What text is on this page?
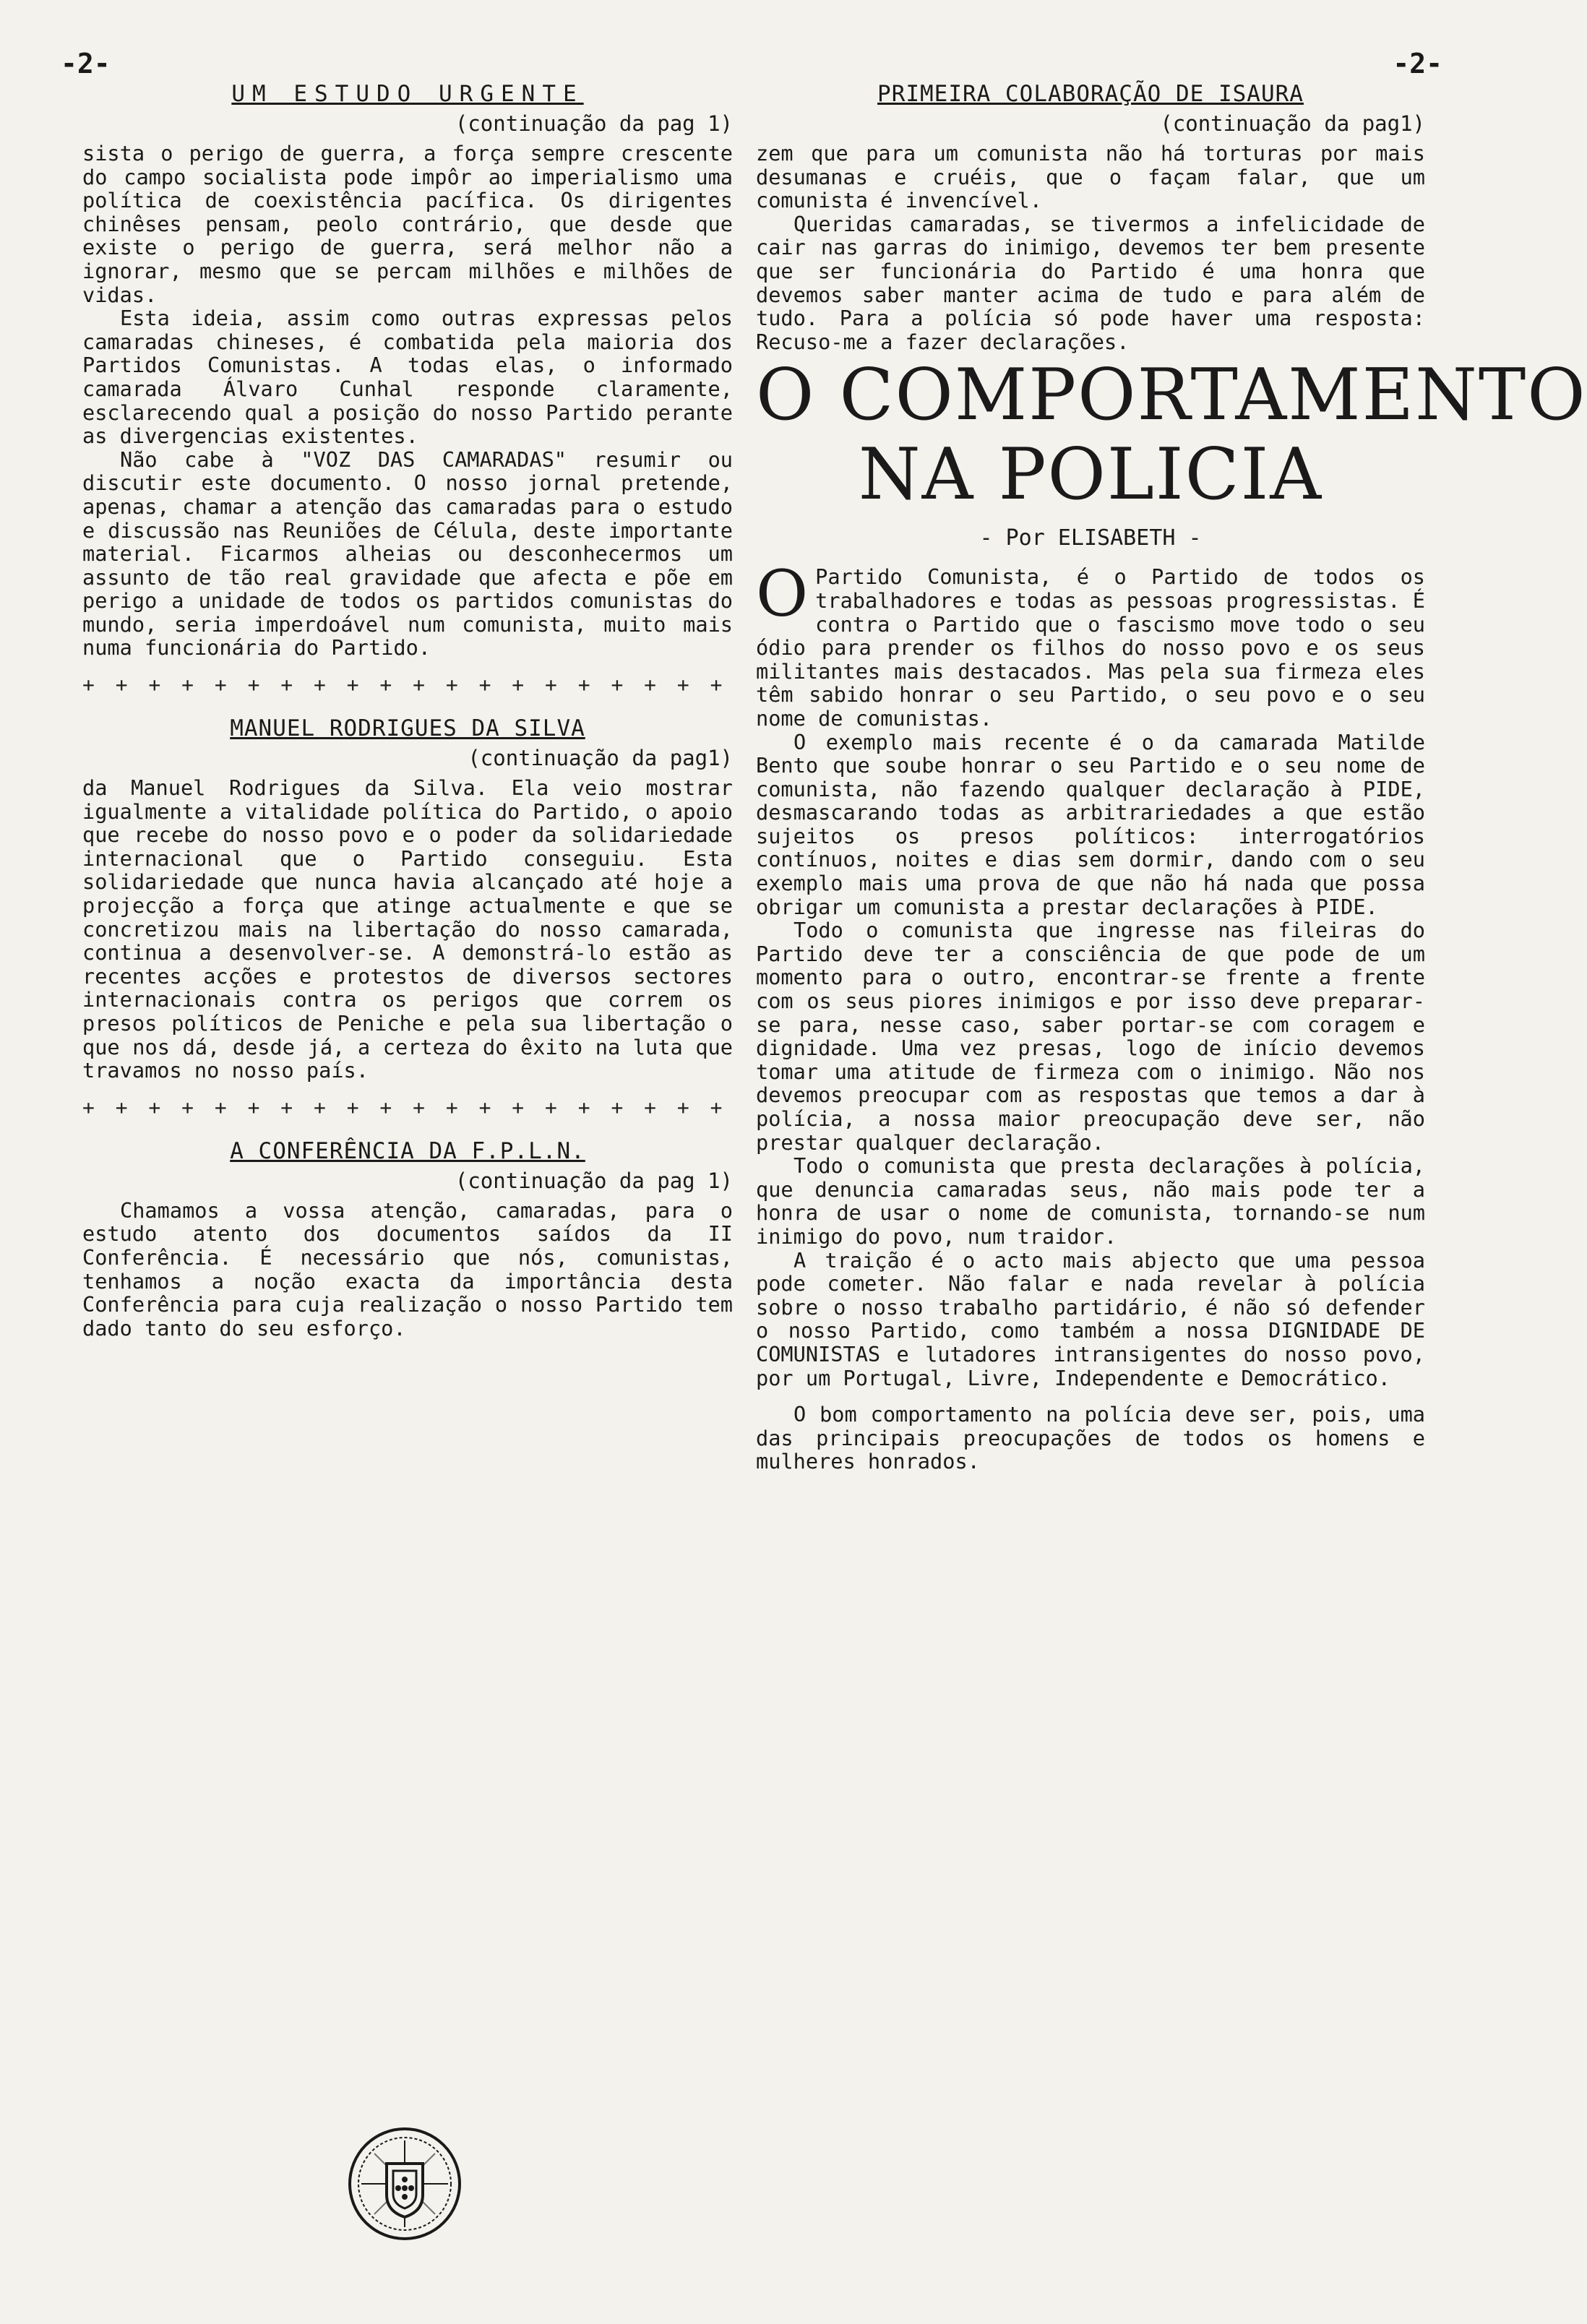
-2-	-2-
UM ESTUDO URGENTE
(continuação da pag 1)

sista o perigo de guerra, a força sempre crescente do campo socialista pode impôr ao imperialismo uma política de coexistência pacífica. Os dirigentes chinêses pensam, peolo contrário, que desde que existe o perigo de guerra, será melhor não a ignorar, mesmo que se percam milhões e milhões de vidas.

Esta ideia, assim como outras expressas pelos camaradas chineses, é combatida pela maioria dos Partidos Comunistas. A todas elas, o informado camarada Álvaro Cunhal responde claramente, esclarecendo qual a posição do nosso Partido perante as divergencias existentes.

Não cabe à "VOZ DAS CAMARADAS" resumir ou discutir este documento. O nosso jornal pretende, apenas, chamar a atenção das camaradas para o estudo e discussão nas Reuniões de Célula, deste importante material. Ficarmos alheias ou desconhecermos um assunto de tão real gravidade que afecta e põe em perigo a unidade de todos os partidos comunistas do mundo, seria imperdoável num comunista, muito mais numa funcionária do Partido.

+ + + + + + + + + + + + + + + + + + + +
MANUEL RODRIGUES DA SILVA
(continuação da pag1)

da Manuel Rodrigues da Silva. Ela veio mostrar igualmente a vitalidade política do Partido, o apoio que recebe do nosso povo e o poder da solidariedade internacional que o Partido conseguiu. Esta solidariedade que nunca havia alcançado até hoje a projecção a força que atinge actualmente e que se concretizou mais na libertação do nosso camarada, continua a desenvolver-se. A demonstrá-lo estão as recentes acções e protestos de diversos sectores internacionais contra os perigos que correm os presos políticos de Peniche e pela sua libertação o que nos dá, desde já, a certeza do êxito na luta que travamos no nosso país.

+ + + + + + + + + + + + + + + + + + + +
A CONFERÊNCIA DA F.P.L.N.
(continuação da pag 1)

Chamamos a vossa atenção, camaradas, para o estudo atento dos documentos saídos da II Conferência. É necessário que nós, comunistas, tenhamos a noção exacta da importância desta Conferência para cuja realização o nosso Partido tem dado tanto do seu esforço.

PRIMEIRA COLABORAÇÃO DE ISAURA
(continuação da pag1)

zem que para um comunista não há torturas por mais desumanas e cruéis, que o façam falar, que um comunista é invencível.

Queridas camaradas, se tivermos a infelicidade de cair nas garras do inimigo, devemos ter bem presente que ser funcionária do Partido é uma honra que devemos saber manter acima de tudo e para além de tudo. Para a polícia só pode haver uma resposta: Recuso-me a fazer declarações.

O COMPORTAMENTO
NA POLICIA
- Por ELISABETH -

O Partido Comunista, é o Partido de todos os trabalhadores e todas as pessoas progressistas. É contra o Partido que o fascismo move todo o seu ódio para prender os filhos do nosso povo e os seus militantes mais destacados. Mas pela sua firmeza eles têm sabido honrar o seu Partido, o seu povo e o seu nome de comunistas.

O exemplo mais recente é o da camarada Matilde Bento que soube honrar o seu Partido e o seu nome de comunista, não fazendo qualquer declaração à PIDE, desmascarando todas as arbitrariedades a que estão sujeitos os presos políticos: interrogatórios contínuos, noites e dias sem dormir, dando com o seu exemplo mais uma prova de que não há nada que possa obrigar um comunista a prestar declarações à PIDE.

Todo o comunista que ingresse nas fileiras do Partido deve ter a consciência de que pode de um momento para o outro, encontrar-se frente a frente com os seus piores inimigos e por isso deve preparar-se para, nesse caso, saber portar-se com coragem e dignidade. Uma vez presas, logo de início devemos tomar uma atitude de firmeza com o inimigo. Não nos devemos preocupar com as respostas que temos a dar à polícia, a nossa maior preocupação deve ser, não prestar qualquer declaração.

Todo o comunista que presta declarações à polícia, que denuncia camaradas seus, não mais pode ter a honra de usar o nome de comunista, tornando-se num inimigo do povo, num traidor.

A traição é o acto mais abjecto que uma pessoa pode cometer. Não falar e nada revelar à polícia sobre o nosso trabalho partidário, é não só defender o nosso Partido, como também a nossa DIGNIDADE DE COMUNISTAS e lutadores intransigentes do nosso povo, por um Portugal, Livre, Independente e Democrático.

O bom comportamento na polícia deve ser, pois, uma das principais preocupações de todos os homens e mulheres honrados.
